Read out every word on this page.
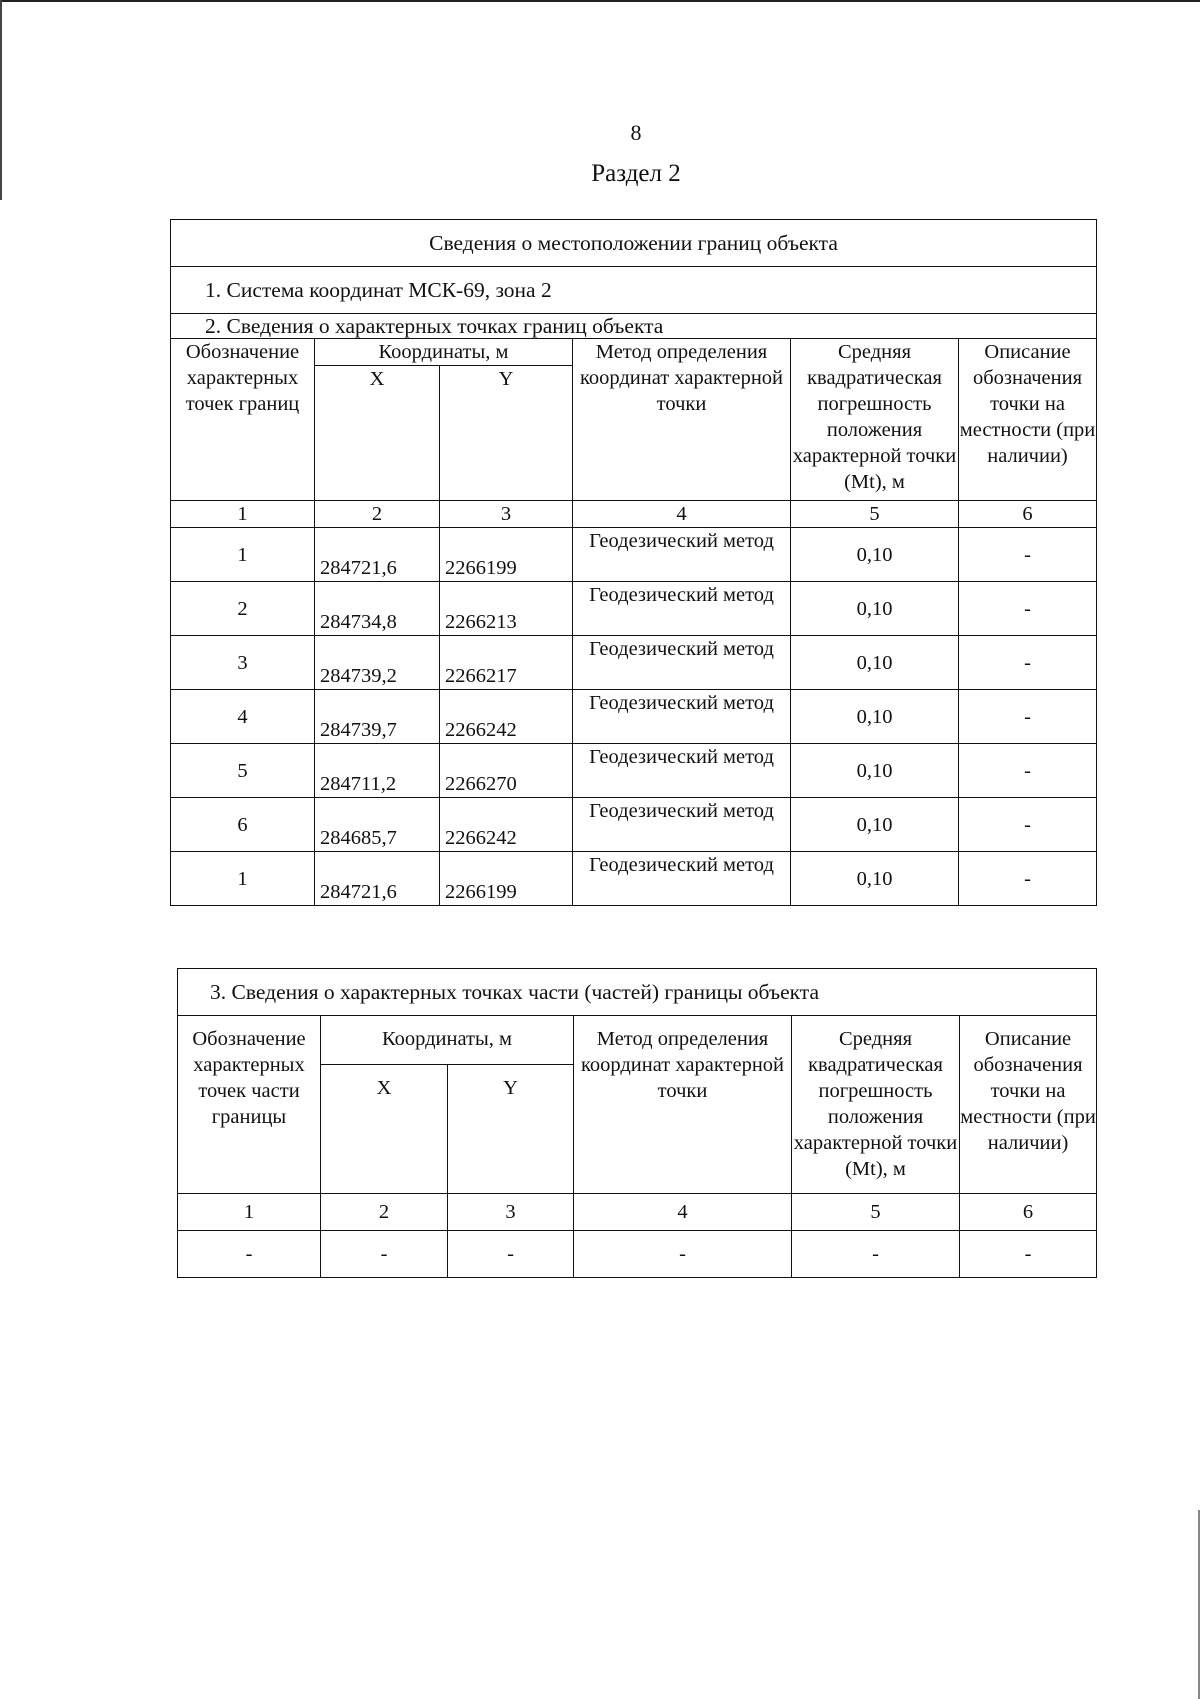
8
Раздел 2
Сведения о местоположении границ объекта					
1. Система координат МСК-69, зона 2					
2. Сведения о характерных точках границ объекта					
Обозначение характерных точек границ	Координаты, м		Метод определения координат характерной точки	Средняя квадратическая погрешность положения характерной точки (Mt), м	Описание обозначения точки на местности (при наличии)
	X	Y			
1	2	3	4	5	6
1	284721,6	2266199	Геодезический метод	0,10	-
2	284734,8	2266213	Геодезический метод	0,10	-
3	284739,2	2266217	Геодезический метод	0,10	-
4	284739,7	2266242	Геодезический метод	0,10	-
5	284711,2	2266270	Геодезический метод	0,10	-
6	284685,7	2266242	Геодезический метод	0,10	-
1	284721,6	2266199	Геодезический метод	0,10	-
3. Сведения о характерных точках части (частей) границы объекта					
Обозначение характерных точек части границы	Координаты, м		Метод определения координат характерной точки	Средняя квадратическая погрешность положения характерной точки (Mt), м	Описание обозначения точки на местности (при наличии)
	X	Y			
1	2	3	4	5	6
-	-	-	-	-	-
